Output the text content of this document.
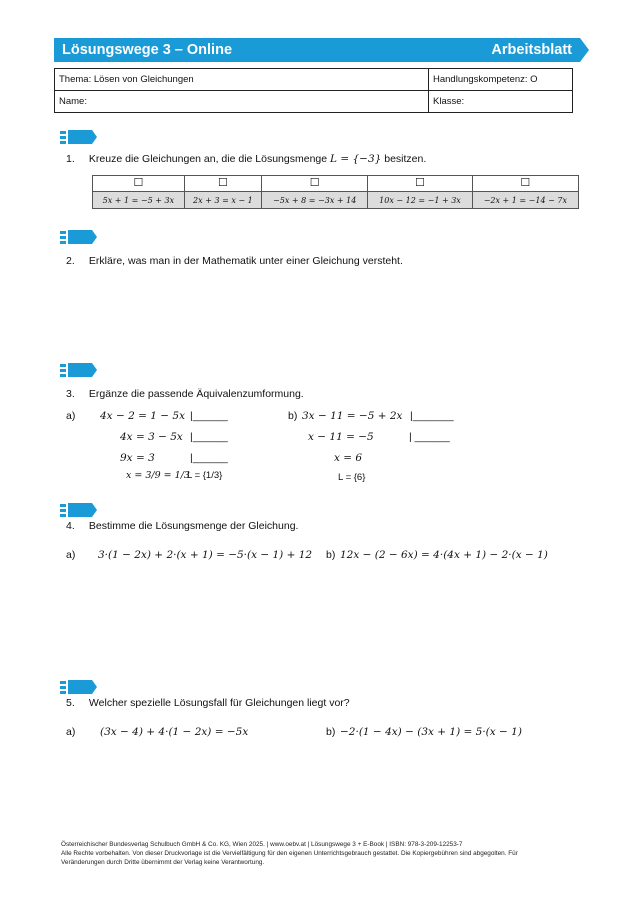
Lösungswege 3 – Online	Arbeitsblatt
Thema: Lösen von Gleichungen	Handlungskompetenz: O
Name:	Klasse:
1. Kreuze die Gleichungen an, die die Lösungsmenge L = {−3} besitzen.
☐	☐	☐	☐	☐
5x + 1 = −5 + 3x	2x + 3 = x − 1	−5x + 8 = −3x + 14	10x − 12 = −1 + 3x	−2x + 1 = −14 − 7x
2. Erkläre, was man in der Mathematik unter einer Gleichung versteht.
3. Ergänze die passende Äquivalenzumformung.
a) 4x − 2 = 1 − 5x |______
4x = 3 − 5x |______
9x = 3	|______
x = 3/9 = 1/3
L = {1/3}
b) 3x − 11 = −5 + 2x |_______
x − 11 = −5	| ______
x = 6
L = {6}
4. Bestimme die Lösungsmenge der Gleichung.
a) 3·(1 − 2x) + 2·(x + 1) = −5·(x − 1) + 12 b) 12x − (2 − 6x) = 4·(4x + 1) − 2·(x − 1)
5. Welcher spezielle Lösungsfall für Gleichungen liegt vor?
a) (3x − 4) + 4·(1 − 2x) = −5x	b) −2·(1 − 4x) − (3x + 1) = 5·(x − 1)
Österreichischer Bundesverlag Schulbuch GmbH & Co. KG, Wien 2025. | www.oebv.at | Lösungswege 3 + E-Book | ISBN: 978-3-209-12253-7
Alle Rechte vorbehalten. Von dieser Druckvorlage ist die Vervielfältigung für den eigenen Unterrichtsgebrauch gestattet. Die Kopiergebühren sind abgegolten. Für
Veränderungen durch Dritte übernimmt der Verlag keine Verantwortung.
